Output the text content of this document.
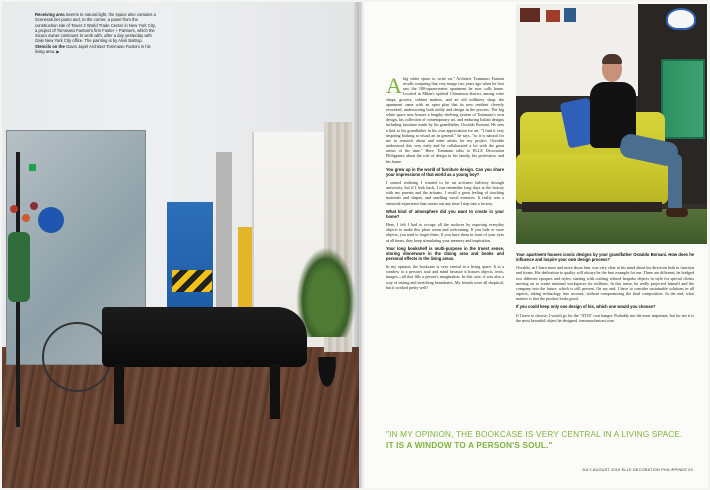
Receiving area Seems to natural light, the space also contains a Scenerab ber piano and, to the corner, a panel from the construction site of Tower 2 World Trade Center in New York City, a project of Tommaso Fantoni's firm Foster + Partners, which the Sicuro owner continues to work with, after a day yesterday with Gale New York City office. The painting is by Alvin Baltrop. Stencils on the Gavin Japel Architect Tommaso Fantoni in his living area. ▶

A big white space to write on." Architect Tommaso Fantoni recalls conjuring that very image two years ago when he first saw the 180-square-meter apartment he now calls home. Located in Milan's spirited Chinatown district, among wine shops, grocers, cabinet makers, and an old millinery shop, the apartment came with an open plan that its new resident cleverly reworked, underscoring both utility and design in the process. The big white space now houses a lengthy shelving system of Tommaso's own design, his collection of contemporary art, and enduring Italian designs including furniture made by his grandfather, Osvaldo Borsani. He sees a link to his grandfather in his own appreciation for art. "I find it very inspiring looking at visual art in general," he says, "so it is natural for me to research about and meet artists for my project. Osvaldo understood this very early and he collaborated a lot with the great artists of his time." Here, Tommaso talks to ELLE Decoration Philippines about the role of design in his family, his profession, and his home.

You grew up in the world of furniture design. Can you share your impressions of that world as a young boy?

I started realizing I wanted to be an architect halfway through university, but if I look back, I can remember long days at the factory with my parents and the artisans. I recall a great feeling of touching materials and shapes, and smelling wood essences. It really was a sensorial experience that comes out any time I step into a factory.

What kind of atmosphere did you want to create in your home?

Here, I felt I had to occupy all the surfaces by exposing everyday objects to make this place warm and welcoming. If you hide or store objects, you tend to forget them. If you have them in front of your eyes at all times, they keep stimulating your memory and inspiration.

Your long bookshelf is multi-purpose in the truest sense, storing dinnerware in the dining area and books and personal effects in the living areas.

In my opinion, the bookcase is very central in a living space. It is a window to a person's soul and mind because it houses objects, texts, images—all that fills a person's imagination. In this case, it was also a way of testing and stretching boundaries. My friends were all skeptical, but it worked pretty well!

Your apartment houses iconic designs by your grandfather Osvaldo Borsani. How does he influence and inspire your own design process?

Osvaldo, as I learn more and more about him, was very clear in his mind about his direction both in function and forms. His dedication to quality will always be the best example for me. Three are different; he bridged two different epoques and styles, starting with crafting refined bespoke objects in style for special clients moving on to create minimal workspaces for millions. In this sense, he really projected himself and the company into the future, which is still present. On my end, I have to consider sustainable solutions in all aspects, taking technology into account, without compromising the final composition. In the end, what matters is that the product looks good.

If you could keep only one design of his, which one would you choose?

If I have to choose, I would go for the "AT16" coat hanger. Probably not the most important, but for me it is the most beautiful object he designed. tommasofantoni.com

"IN MY OPINION, THE BOOKCASE IS VERY CENTRAL IN A LIVING SPACE.
IT IS A WINDOW TO A PERSON'S SOUL."
JULY-AUGUST 2019 ELLE DECORATION PHILIPPINES 29
